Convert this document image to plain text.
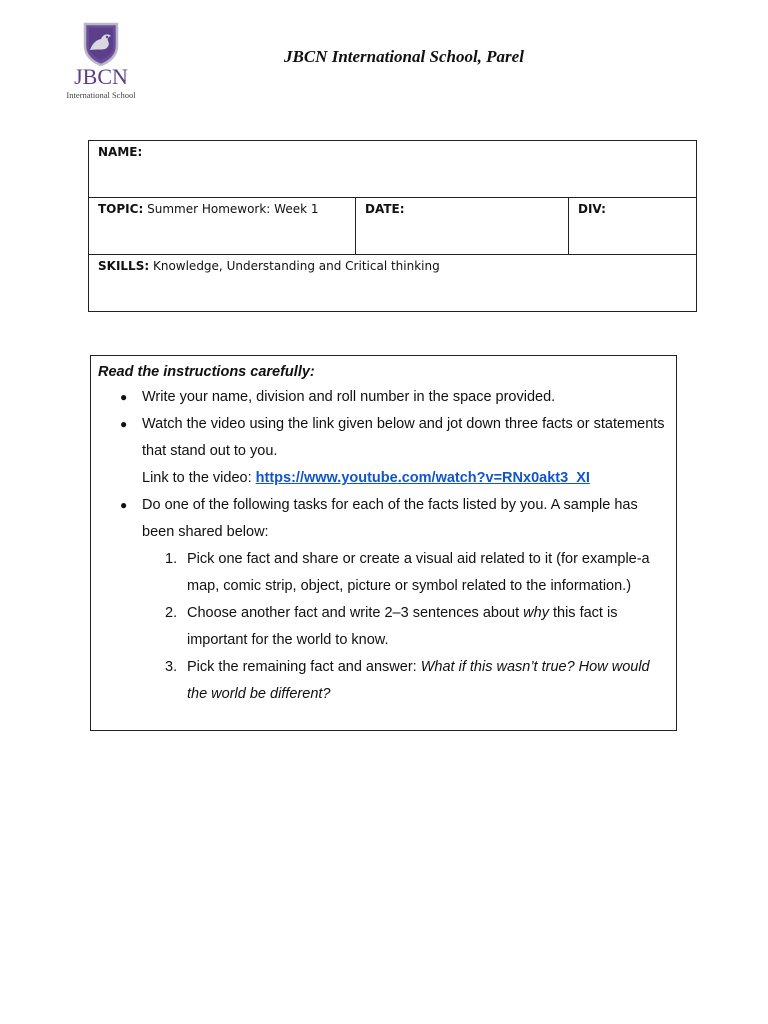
JBCN
International School
JBCN International School, Parel
NAME:
TOPIC: Summer Homework: Week 1	DATE:	DIV:
SKILLS: Knowledge, Understanding and Critical thinking
Read the instructions carefully:
● Write your name, division and roll number in the space provided.
● Watch the video using the link given below and jot down three facts or statements that stand out to you.
Link to the video: https://www.youtube.com/watch?v=RNx0akt3_XI
● Do one of the following tasks for each of the facts listed by you. A sample has been shared below:
1. Pick one fact and share or create a visual aid related to it (for example-a map, comic strip, object, picture or symbol related to the information.)
2. Choose another fact and write 2–3 sentences about why this fact is important for the world to know.
3. Pick the remaining fact and answer: What if this wasn’t true? How would the world be different?
